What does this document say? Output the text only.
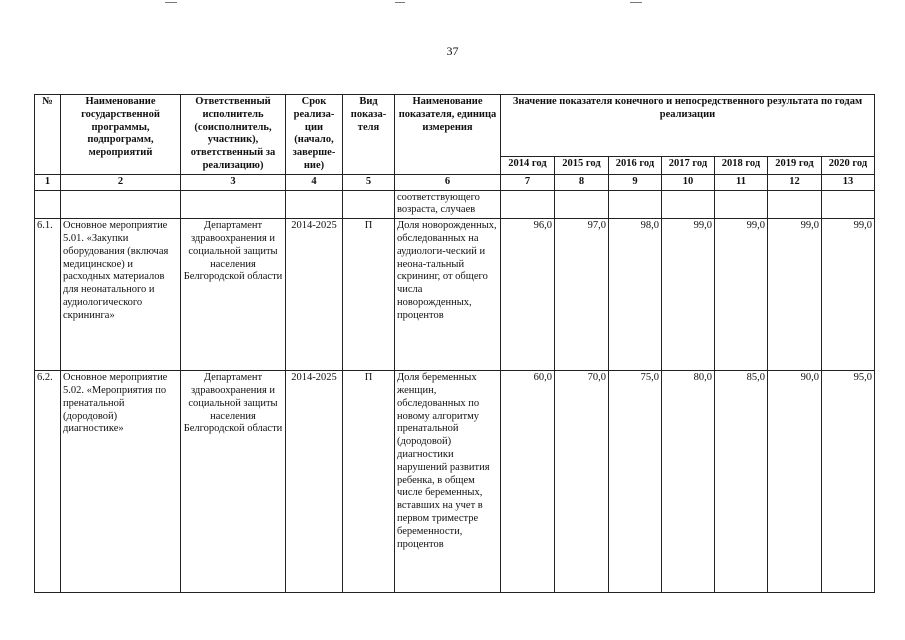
37
№	Наименование государственной программы, подпрограмм, мероприятий	Ответственный исполнитель (соисполнитель, участник), ответственный за реализацию)	Срок реализа-ции (начало, заверше-ние)	Вид показа-теля	Наименование показателя, единица измерения	Значение показателя конечного и непосредственного результата по годам реализации						
						2014 год	2015 год	2016 год	2017 год	2018 год	2019 год	2020 год
1	2	3	4	5	6	7	8	9	10	11	12	13
					соответствующего возраста, случаев							
6.1.	Основное мероприятие 5.01. «Закупки оборудования (включая медицинское) и расходных материалов для неонатального и аудиологического скрининга»	Департамент здравоохранения и социальной защиты населения Белгородской области	2014-2025	П	Доля новорожденных, обследованных на аудиологи-ческий и неона-тальный скрининг, от общего числа новорожденных, процентов	96,0	97,0	98,0	99,0	99,0	99,0	99,0
6.2.	Основное мероприятие 5.02. «Мероприятия по пренатальной (дородовой) диагностике»	Департамент здравоохранения и социальной защиты населения Белгородской области	2014-2025	П	Доля беременных женщин, обследованных по новому алгоритму пренатальной (дородовой) диагностики нарушений развития ребенка, в общем числе беременных, вставших на учет в первом триместре беременности, процентов	60,0	70,0	75,0	80,0	85,0	90,0	95,0
